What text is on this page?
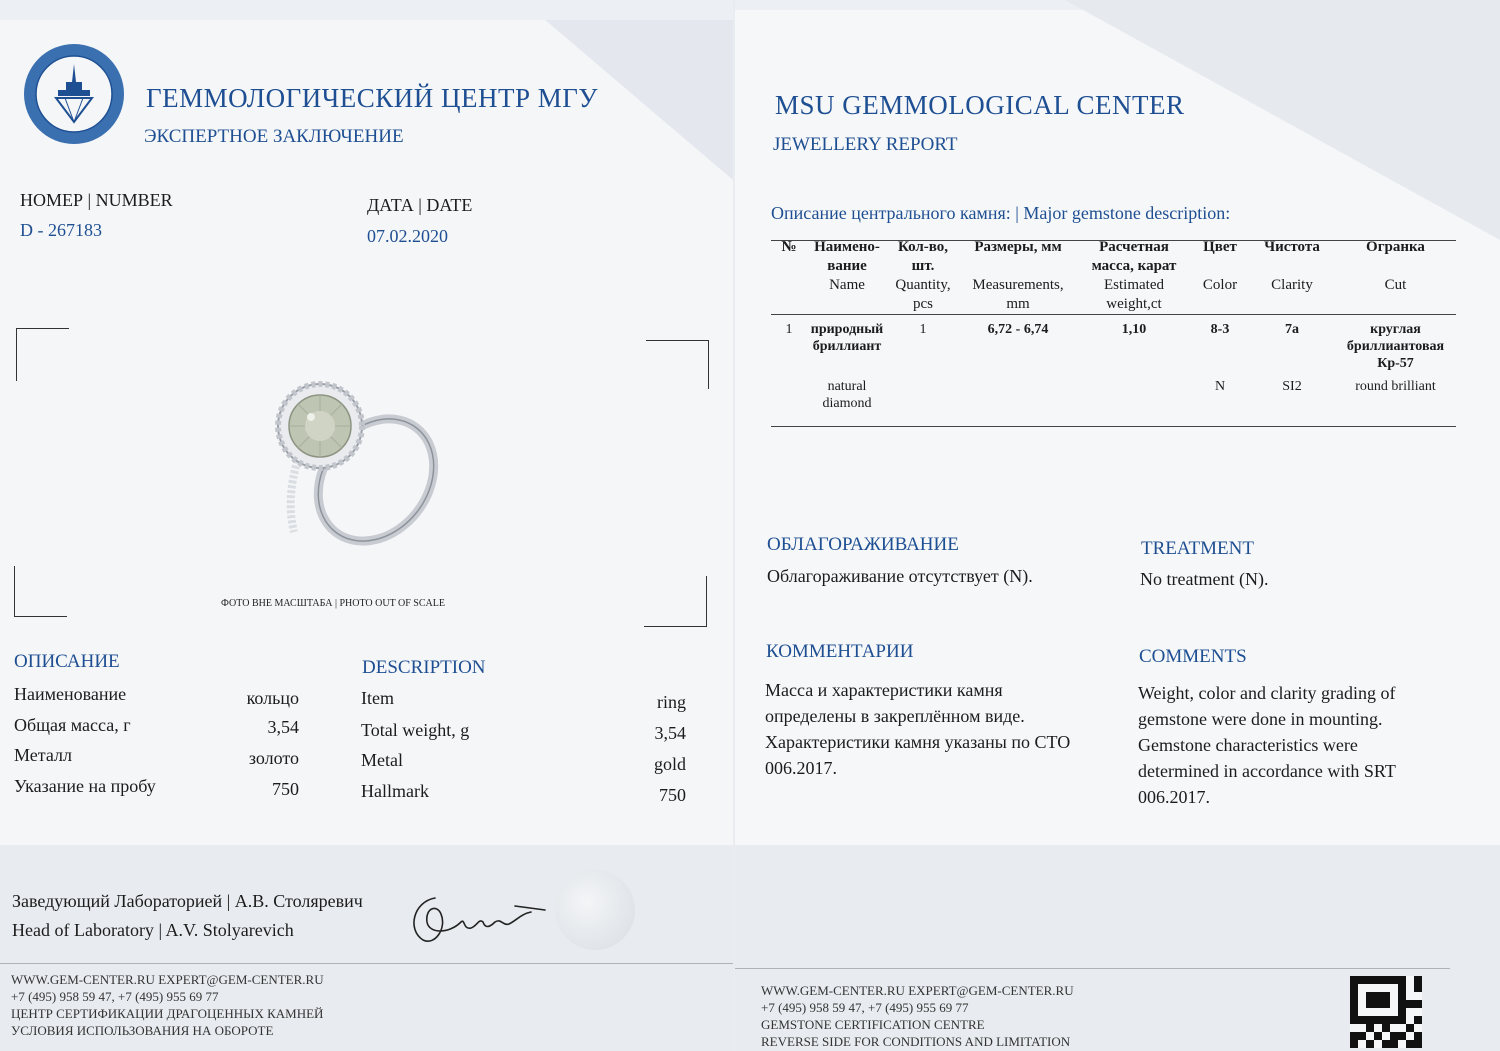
ГЕММОЛОГИЧЕСКИЙ ЦЕНТР МГУ
ЭКСПЕРТНОЕ ЗАКЛЮЧЕНИЕ
НОМЕР | NUMBER
D - 267183
ДАТА | DATE
07.02.2020
ФОТО ВНЕ МАСШТАБА | PHOTO OUT OF SCALE
ОПИСАНИЕ	DESCRIPTION
Наименование	кольцо	Item	ring
Общая масса, г	3,54	Total weight, g	3,54
Металл	золото	Metal	gold
Указание на пробу	750	Hallmark	750
Заведующий Лабораторией | А.В. Столяревич
Head of Laboratory | A.V. Stolyarevich
WWW.GEM-CENTER.RU EXPERT@GEM-CENTER.RU
+7 (495) 958 59 47, +7 (495) 955 69 77
ЦЕНТР СЕРТИФИКАЦИИ ДРАГОЦЕННЫХ КАМНЕЙ
УСЛОВИЯ ИСПОЛЬЗОВАНИЯ НА ОБОРОТЕ
MSU GEMMOLOGICAL CENTER
JEWELLERY REPORT
Описание центрального камня: | Major gemstone description:
№	Наимено-вание	Кол-во, шт.	Размеры, мм	Расчетная масса, карат	Цвет	Чистота	Огранка
	Name	Quantity, pcs	Measurements, mm	Estimated weight,ct	Color	Clarity	Cut
1	природный бриллиант	1	6,72 - 6,74	1,10	8-3	7а	круглая бриллиантовая Кр-57
	natural diamond				N	SI2	round brilliant
ОБЛАГОРАЖИВАНИЕ
Облагораживание отсутствует (N).
TREATMENT
No treatment (N).
КОММЕНТАРИИ
Масса и характеристики камня определены в закреплённом виде. Характеристики камня указаны по СТО 006.2017.
COMMENTS
Weight, color and clarity grading of gemstone were done in mounting. Gemstone characteristics were determined in accordance with SRT 006.2017.
WWW.GEM-CENTER.RU EXPERT@GEM-CENTER.RU
+7 (495) 958 59 47, +7 (495) 955 69 77
GEMSTONE CERTIFICATION CENTRE
REVERSE SIDE FOR CONDITIONS AND LIMITATION
